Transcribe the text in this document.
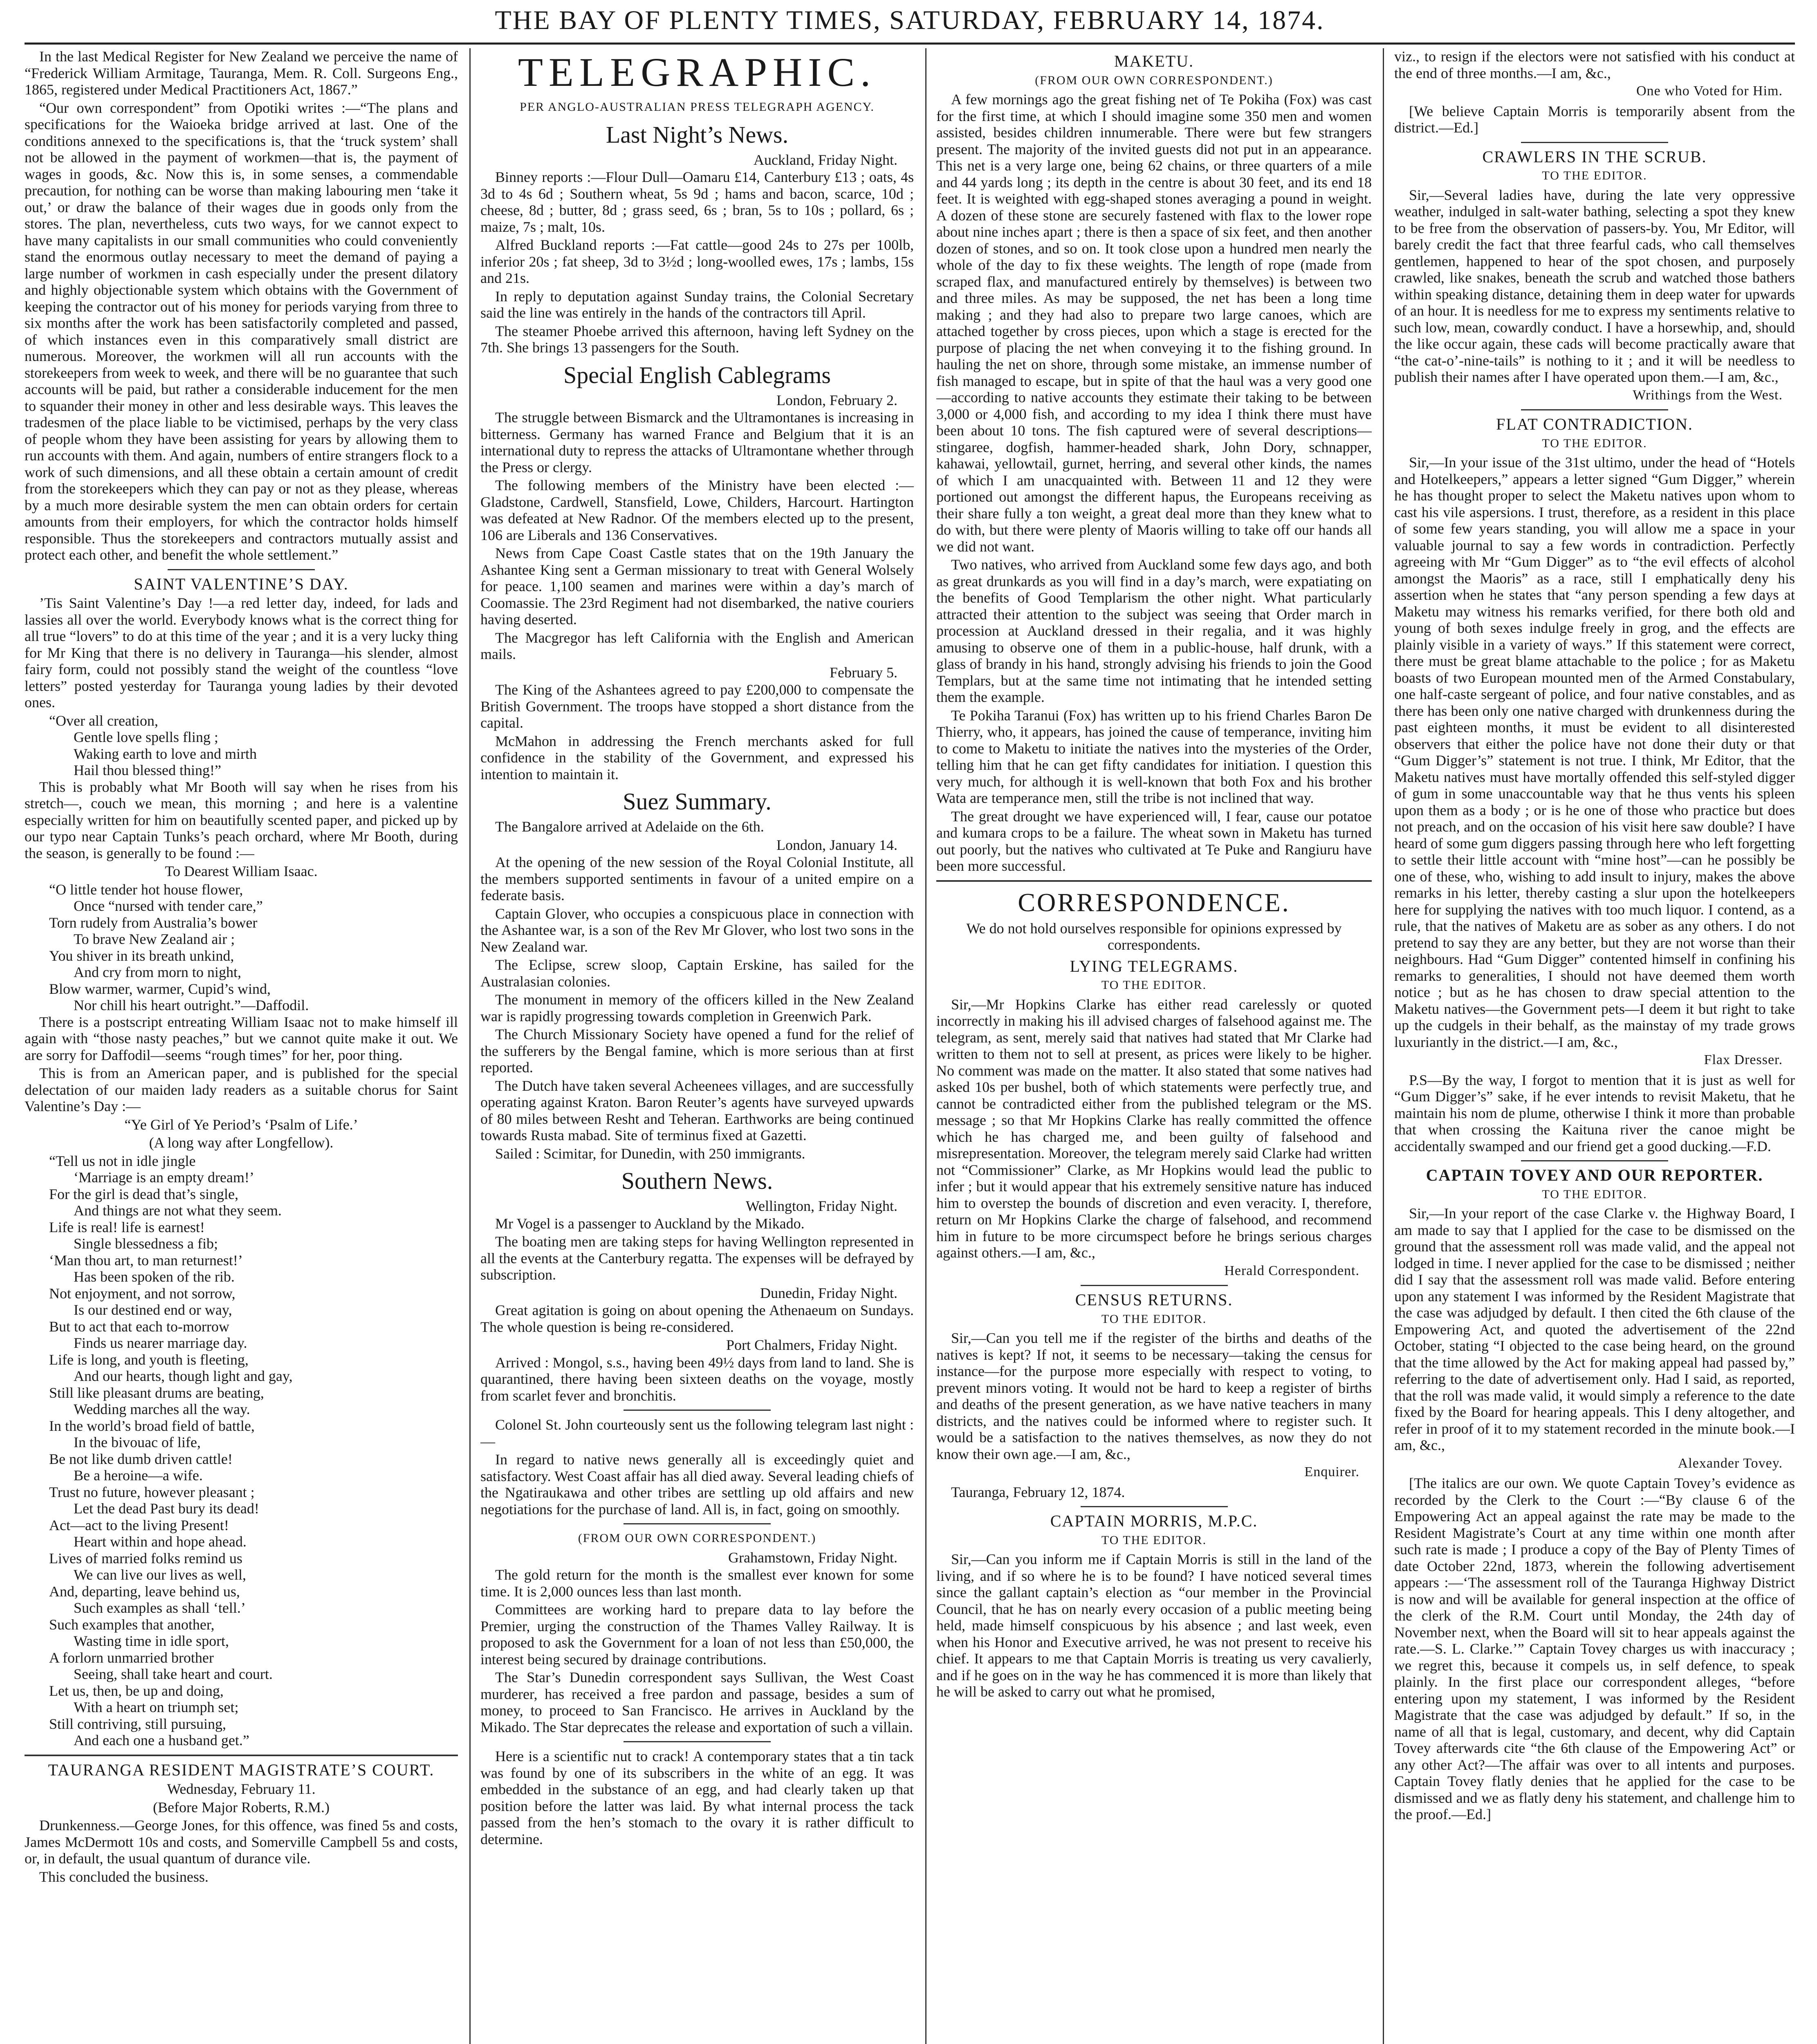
THE BAY OF PLENTY TIMES, SATURDAY, FEBRUARY 14, 1874.

In the last Medical Register for New Zealand we perceive the name of “Frederick William Armitage, Tauranga, Mem. R. Coll. Surgeons Eng., 1865, registered under Medical Practitioners Act, 1867.”

“Our own correspondent” from Opotiki writes :—“The plans and specifications for the Waioeka bridge arrived at last. One of the conditions annexed to the specifications is, that the ‘truck system’ shall not be allowed in the payment of workmen—that is, the payment of wages in goods, &c. Now this is, in some senses, a commendable precaution, for nothing can be worse than making labouring men ‘take it out,’ or draw the balance of their wages due in goods only from the stores. The plan, nevertheless, cuts two ways, for we cannot expect to have many capitalists in our small communities who could conveniently stand the enormous outlay necessary to meet the demand of paying a large number of workmen in cash especially under the present dilatory and highly objectionable system which obtains with the Government of keeping the contractor out of his money for periods varying from three to six months after the work has been satisfactorily completed and passed, of which instances even in this comparatively small district are numerous. Moreover, the workmen will all run accounts with the storekeepers from week to week, and there will be no guarantee that such accounts will be paid, but rather a considerable inducement for the men to squander their money in other and less desirable ways. This leaves the tradesmen of the place liable to be victimised, perhaps by the very class of people whom they have been assisting for years by allowing them to run accounts with them. And again, numbers of entire strangers flock to a work of such dimensions, and all these obtain a certain amount of credit from the storekeepers which they can pay or not as they please, whereas by a much more desirable system the men can obtain orders for certain amounts from their employers, for which the contractor holds himself responsible. Thus the storekeepers and contractors mutually assist and protect each other, and benefit the whole settlement.”

SAINT VALENTINE’S DAY.

’Tis Saint Valentine’s Day !—a red letter day, indeed, for lads and lassies all over the world. Everybody knows what is the correct thing for all true “lovers” to do at this time of the year ; and it is a very lucky thing for Mr King that there is no delivery in Tauranga—his slender, almost fairy form, could not possibly stand the weight of the countless “love letters” posted yesterday for Tauranga young ladies by their devoted ones.

“Over all creation,

Gentle love spells fling ;

Waking earth to love and mirth

Hail thou blessed thing!”

This is probably what Mr Booth will say when he rises from his stretch—, couch we mean, this morning ; and here is a valentine especially written for him on beautifully scented paper, and picked up by our typo near Captain Tunks’s peach orchard, where Mr Booth, during the season, is generally to be found :—

To Dearest William Isaac.

“O little tender hot house flower,

Once “nursed with tender care,”

Torn rudely from Australia’s bower

To brave New Zealand air ;

You shiver in its breath unkind,

And cry from morn to night,

Blow warmer, warmer, Cupid’s wind,

Nor chill his heart outright.”—Daffodil.

There is a postscript entreating William Isaac not to make himself ill again with “those nasty peaches,” but we cannot quite make it out. We are sorry for Daffodil—seems “rough times” for her, poor thing.

This is from an American paper, and is published for the special delectation of our maiden lady readers as a suitable chorus for Saint Valentine’s Day :—

“Ye Girl of Ye Period’s ‘Psalm of Life.’

(A long way after Longfellow).

“Tell us not in idle jingle

‘Marriage is an empty dream!’

For the girl is dead that’s single,

And things are not what they seem.

Life is real! life is earnest!

Single blessedness a fib;

‘Man thou art, to man returnest!’

Has been spoken of the rib.

Not enjoyment, and not sorrow,

Is our destined end or way,

But to act that each to-morrow

Finds us nearer marriage day.

Life is long, and youth is fleeting,

And our hearts, though light and gay,

Still like pleasant drums are beating,

Wedding marches all the way.

In the world’s broad field of battle,

In the bivouac of life,

Be not like dumb driven cattle!

Be a heroine—a wife.

Trust no future, however pleasant ;

Let the dead Past bury its dead!

Act—act to the living Present!

Heart within and hope ahead.

Lives of married folks remind us

We can live our lives as well,

And, departing, leave behind us,

Such examples as shall ‘tell.’

Such examples that another,

Wasting time in idle sport,

A forlorn unmarried brother

Seeing, shall take heart and court.

Let us, then, be up and doing,

With a heart on triumph set;

Still contriving, still pursuing,

And each one a husband get.”

TAURANGA RESIDENT MAGISTRATE’S COURT.

Wednesday, February 11.

(Before Major Roberts, R.M.)

Drunkenness.—George Jones, for this offence, was fined 5s and costs, James McDermott 10s and costs, and Somerville Campbell 5s and costs, or, in default, the usual quantum of durance vile.

This concluded the business.

TELEGRAPHIC.

PER ANGLO-AUSTRALIAN PRESS TELEGRAPH AGENCY.

Last Night’s News.

Auckland, Friday Night.

Binney reports :—Flour Dull—Oamaru £14, Canterbury £13 ; oats, 4s 3d to 4s 6d ; Southern wheat, 5s 9d ; hams and bacon, scarce, 10d ; cheese, 8d ; butter, 8d ; grass seed, 6s ; bran, 5s to 10s ; pollard, 6s ; maize, 7s ; malt, 10s.

Alfred Buckland reports :—Fat cattle—good 24s to 27s per 100lb, inferior 20s ; fat sheep, 3d to 3½d ; long-woolled ewes, 17s ; lambs, 15s and 21s.

In reply to deputation against Sunday trains, the Colonial Secretary said the line was entirely in the hands of the contractors till April.

The steamer Phoebe arrived this afternoon, having left Sydney on the 7th. She brings 13 passengers for the South.

Special English Cablegrams

London, February 2.

The struggle between Bismarck and the Ultramontanes is increasing in bitterness. Germany has warned France and Belgium that it is an international duty to repress the attacks of Ultramontane whether through the Press or clergy.

The following members of the Ministry have been elected :—Gladstone, Cardwell, Stansfield, Lowe, Childers, Harcourt. Hartington was defeated at New Radnor. Of the members elected up to the present, 106 are Liberals and 136 Conservatives.

News from Cape Coast Castle states that on the 19th January the Ashantee King sent a German missionary to treat with General Wolsely for peace. 1,100 seamen and marines were within a day’s march of Coomassie. The 23rd Regiment had not disembarked, the native couriers having deserted.

The Macgregor has left California with the English and American mails.

February 5.

The King of the Ashantees agreed to pay £200,000 to compensate the British Government. The troops have stopped a short distance from the capital.

McMahon in addressing the French merchants asked for full confidence in the stability of the Government, and expressed his intention to maintain it.

Suez Summary.

The Bangalore arrived at Adelaide on the 6th.

London, January 14.

At the opening of the new session of the Royal Colonial Institute, all the members supported sentiments in favour of a united empire on a federate basis.

Captain Glover, who occupies a conspicuous place in connection with the Ashantee war, is a son of the Rev Mr Glover, who lost two sons in the New Zealand war.

The Eclipse, screw sloop, Captain Erskine, has sailed for the Australasian colonies.

The monument in memory of the officers killed in the New Zealand war is rapidly progressing towards completion in Greenwich Park.

The Church Missionary Society have opened a fund for the relief of the sufferers by the Bengal famine, which is more serious than at first reported.

The Dutch have taken several Acheenees villages, and are successfully operating against Kraton. Baron Reuter’s agents have surveyed upwards of 80 miles between Resht and Teheran. Earthworks are being continued towards Rusta mabad. Site of terminus fixed at Gazetti.

Sailed : Scimitar, for Dunedin, with 250 immigrants.

Southern News.

Wellington, Friday Night.

Mr Vogel is a passenger to Auckland by the Mikado.

The boating men are taking steps for having Wellington represented in all the events at the Canterbury regatta. The expenses will be defrayed by subscription.

Dunedin, Friday Night.

Great agitation is going on about opening the Athenaeum on Sundays. The whole question is being re-considered.

Port Chalmers, Friday Night.

Arrived : Mongol, s.s., having been 49½ days from land to land. She is quarantined, there having been sixteen deaths on the voyage, mostly from scarlet fever and bronchitis.

Colonel St. John courteously sent us the following telegram last night :—

In regard to native news generally all is exceedingly quiet and satisfactory. West Coast affair has all died away. Several leading chiefs of the Ngatiraukawa and other tribes are settling up old affairs and new negotiations for the purchase of land. All is, in fact, going on smoothly.

(FROM OUR OWN CORRESPONDENT.)

Grahamstown, Friday Night.

The gold return for the month is the smallest ever known for some time. It is 2,000 ounces less than last month.

Committees are working hard to prepare data to lay before the Premier, urging the construction of the Thames Valley Railway. It is proposed to ask the Government for a loan of not less than £50,000, the interest being secured by drainage contributions.

The Star’s Dunedin correspondent says Sullivan, the West Coast murderer, has received a free pardon and passage, besides a sum of money, to proceed to San Francisco. He arrives in Auckland by the Mikado. The Star deprecates the release and exportation of such a villain.

Here is a scientific nut to crack! A contemporary states that a tin tack was found by one of its subscribers in the white of an egg. It was embedded in the substance of an egg, and had clearly taken up that position before the latter was laid. By what internal process the tack passed from the hen’s stomach to the ovary it is rather difficult to determine.

MAKETU.

(FROM OUR OWN CORRESPONDENT.)

A few mornings ago the great fishing net of Te Pokiha (Fox) was cast for the first time, at which I should imagine some 350 men and women assisted, besides children innumerable. There were but few strangers present. The majority of the invited guests did not put in an appearance. This net is a very large one, being 62 chains, or three quarters of a mile and 44 yards long ; its depth in the centre is about 30 feet, and its end 18 feet. It is weighted with egg-shaped stones averaging a pound in weight. A dozen of these stone are securely fastened with flax to the lower rope about nine inches apart ; there is then a space of six feet, and then another dozen of stones, and so on. It took close upon a hundred men nearly the whole of the day to fix these weights. The length of rope (made from scraped flax, and manufactured entirely by themselves) is between two and three miles. As may be supposed, the net has been a long time making ; and they had also to prepare two large canoes, which are attached together by cross pieces, upon which a stage is erected for the purpose of placing the net when conveying it to the fishing ground. In hauling the net on shore, through some mistake, an immense number of fish managed to escape, but in spite of that the haul was a very good one —according to native accounts they estimate their taking to be between 3,000 or 4,000 fish, and according to my idea I think there must have been about 10 tons. The fish captured were of several descriptions—stingaree, dogfish, hammer-headed shark, John Dory, schnapper, kahawai, yellowtail, gurnet, herring, and several other kinds, the names of which I am unacquainted with. Between 11 and 12 they were portioned out amongst the different hapus, the Europeans receiving as their share fully a ton weight, a great deal more than they knew what to do with, but there were plenty of Maoris willing to take off our hands all we did not want.

Two natives, who arrived from Auckland some few days ago, and both as great drunkards as you will find in a day’s march, were expatiating on the benefits of Good Templarism the other night. What particularly attracted their attention to the subject was seeing that Order march in procession at Auckland dressed in their regalia, and it was highly amusing to observe one of them in a public-house, half drunk, with a glass of brandy in his hand, strongly advising his friends to join the Good Templars, but at the same time not intimating that he intended setting them the example.

Te Pokiha Taranui (Fox) has written up to his friend Charles Baron De Thierry, who, it appears, has joined the cause of temperance, inviting him to come to Maketu to initiate the natives into the mysteries of the Order, telling him that he can get fifty candidates for initiation. I question this very much, for although it is well-known that both Fox and his brother Wata are temperance men, still the tribe is not inclined that way.

The great drought we have experienced will, I fear, cause our potatoe and kumara crops to be a failure. The wheat sown in Maketu has turned out poorly, but the natives who cultivated at Te Puke and Rangiuru have been more successful.

CORRESPONDENCE.

We do not hold ourselves responsible for opinions expressed by correspondents.

LYING TELEGRAMS.

TO THE EDITOR.

Sir,—Mr Hopkins Clarke has either read carelessly or quoted incorrectly in making his ill advised charges of falsehood against me. The telegram, as sent, merely said that natives had stated that Mr Clarke had written to them not to sell at present, as prices were likely to be higher. No comment was made on the matter. It also stated that some natives had asked 10s per bushel, both of which statements were perfectly true, and cannot be contradicted either from the published telegram or the MS. message ; so that Mr Hopkins Clarke has really committed the offence which he has charged me, and been guilty of falsehood and misrepresentation. Moreover, the telegram merely said Clarke had written not “Commissioner” Clarke, as Mr Hopkins would lead the public to infer ; but it would appear that his extremely sensitive nature has induced him to overstep the bounds of discretion and even veracity. I, therefore, return on Mr Hopkins Clarke the charge of falsehood, and recommend him in future to be more circumspect before he brings serious charges against others.—I am, &c.,

Herald Correspondent.

CENSUS RETURNS.

TO THE EDITOR.

Sir,—Can you tell me if the register of the births and deaths of the natives is kept? If not, it seems to be necessary—taking the census for instance—for the purpose more especially with respect to voting, to prevent minors voting. It would not be hard to keep a register of births and deaths of the present generation, as we have native teachers in many districts, and the natives could be informed where to register such. It would be a satisfaction to the natives themselves, as now they do not know their own age.—I am, &c.,

Enquirer.

Tauranga, February 12, 1874.

CAPTAIN MORRIS, M.P.C.

TO THE EDITOR.

Sir,—Can you inform me if Captain Morris is still in the land of the living, and if so where he is to be found? I have noticed several times since the gallant captain’s election as “our member in the Provincial Council, that he has on nearly every occasion of a public meeting being held, made himself conspicuous by his absence ; and last week, even when his Honor and Executive arrived, he was not present to receive his chief. It appears to me that Captain Morris is treating us very cavalierly, and if he goes on in the way he has commenced it is more than likely that he will be asked to carry out what he promised,

viz., to resign if the electors were not satisfied with his conduct at the end of three months.—I am, &c.,

One who Voted for Him.

[We believe Captain Morris is temporarily absent from the district.—Ed.]

CRAWLERS IN THE SCRUB.

TO THE EDITOR.

Sir,—Several ladies have, during the late very oppressive weather, indulged in salt-water bathing, selecting a spot they knew to be free from the observation of passers-by. You, Mr Editor, will barely credit the fact that three fearful cads, who call themselves gentlemen, happened to hear of the spot chosen, and purposely crawled, like snakes, beneath the scrub and watched those bathers within speaking distance, detaining them in deep water for upwards of an hour. It is needless for me to express my sentiments relative to such low, mean, cowardly conduct. I have a horsewhip, and, should the like occur again, these cads will become practically aware that “the cat-o’-nine-tails” is nothing to it ; and it will be needless to publish their names after I have operated upon them.—I am, &c.,

Writhings from the West.

FLAT CONTRADICTION.

TO THE EDITOR.

Sir,—In your issue of the 31st ultimo, under the head of “Hotels and Hotelkeepers,” appears a letter signed “Gum Digger,” wherein he has thought proper to select the Maketu natives upon whom to cast his vile aspersions. I trust, therefore, as a resident in this place of some few years standing, you will allow me a space in your valuable journal to say a few words in contradiction. Perfectly agreeing with Mr “Gum Digger” as to “the evil effects of alcohol amongst the Maoris” as a race, still I emphatically deny his assertion when he states that “any person spending a few days at Maketu may witness his remarks verified, for there both old and young of both sexes indulge freely in grog, and the effects are plainly visible in a variety of ways.” If this statement were correct, there must be great blame attachable to the police ; for as Maketu boasts of two European mounted men of the Armed Constabulary, one half-caste sergeant of police, and four native constables, and as there has been only one native charged with drunkenness during the past eighteen months, it must be evident to all disinterested observers that either the police have not done their duty or that “Gum Digger’s” statement is not true. I think, Mr Editor, that the Maketu natives must have mortally offended this self-styled digger of gum in some unaccountable way that he thus vents his spleen upon them as a body ; or is he one of those who practice but does not preach, and on the occasion of his visit here saw double? I have heard of some gum diggers passing through here who left forgetting to settle their little account with “mine host”—can he possibly be one of these, who, wishing to add insult to injury, makes the above remarks in his letter, thereby casting a slur upon the hotelkeepers here for supplying the natives with too much liquor. I contend, as a rule, that the natives of Maketu are as sober as any others. I do not pretend to say they are any better, but they are not worse than their neighbours. Had “Gum Digger” contented himself in confining his remarks to generalities, I should not have deemed them worth notice ; but as he has chosen to draw special attention to the Maketu natives—the Government pets—I deem it but right to take up the cudgels in their behalf, as the mainstay of my trade grows luxuriantly in the district.—I am, &c.,

Flax Dresser.

P.S—By the way, I forgot to mention that it is just as well for “Gum Digger’s” sake, if he ever intends to revisit Maketu, that he maintain his nom de plume, otherwise I think it more than probable that when crossing the Kaituna river the canoe might be accidentally swamped and our friend get a good ducking.—F.D.

CAPTAIN TOVEY AND OUR REPORTER.

TO THE EDITOR.

Sir,—In your report of the case Clarke v. the Highway Board, I am made to say that I applied for the case to be dismissed on the ground that the assessment roll was made valid, and the appeal not lodged in time. I never applied for the case to be dismissed ; neither did I say that the assessment roll was made valid. Before entering upon any statement I was informed by the Resident Magistrate that the case was adjudged by default. I then cited the 6th clause of the Empowering Act, and quoted the advertisement of the 22nd October, stating “I objected to the case being heard, on the ground that the time allowed by the Act for making appeal had passed by,” referring to the date of advertisement only. Had I said, as reported, that the roll was made valid, it would simply a reference to the date fixed by the Board for hearing appeals. This I deny altogether, and refer in proof of it to my statement recorded in the minute book.—I am, &c.,

Alexander Tovey.

[The italics are our own. We quote Captain Tovey’s evidence as recorded by the Clerk to the Court :—“By clause 6 of the Empowering Act an appeal against the rate may be made to the Resident Magistrate’s Court at any time within one month after such rate is made ; I produce a copy of the Bay of Plenty Times of date October 22nd, 1873, wherein the following advertisement appears :—‘The assessment roll of the Tauranga Highway District is now and will be available for general inspection at the office of the clerk of the R.M. Court until Monday, the 24th day of November next, when the Board will sit to hear appeals against the rate.—S. L. Clarke.’” Captain Tovey charges us with inaccuracy ; we regret this, because it compels us, in self defence, to speak plainly. In the first place our correspondent alleges, “before entering upon my statement, I was informed by the Resident Magistrate that the case was adjudged by default.” If so, in the name of all that is legal, customary, and decent, why did Captain Tovey afterwards cite “the 6th clause of the Empowering Act” or any other Act?—The affair was over to all intents and purposes. Captain Tovey flatly denies that he applied for the case to be dismissed and we as flatly deny his statement, and challenge him to the proof.—Ed.]
